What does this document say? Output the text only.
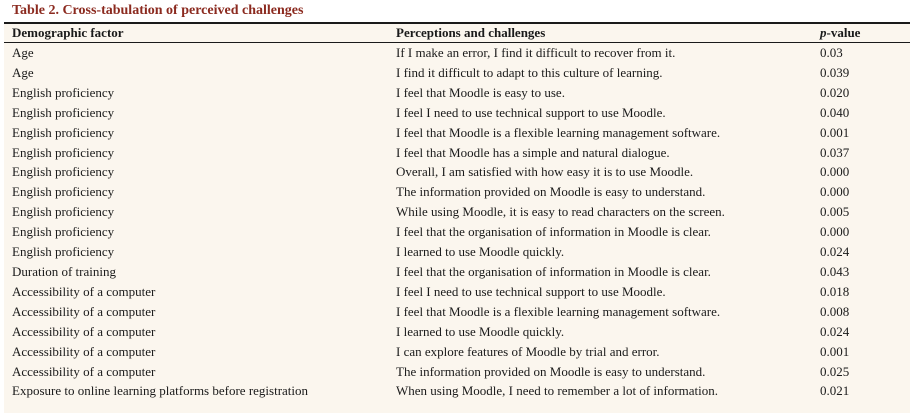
Table 2. Cross-tabulation of perceived challenges
Demographic factor	Perceptions and challenges	p-value
Age	If I make an error, I find it difficult to recover from it.	0.03
Age	I find it difficult to adapt to this culture of learning.	0.039
English proficiency	I feel that Moodle is easy to use.	0.020
English proficiency	I feel I need to use technical support to use Moodle.	0.040
English proficiency	I feel that Moodle is a flexible learning management software.	0.001
English proficiency	I feel that Moodle has a simple and natural dialogue.	0.037
English proficiency	Overall, I am satisfied with how easy it is to use Moodle.	0.000
English proficiency	The information provided on Moodle is easy to understand.	0.000
English proficiency	While using Moodle, it is easy to read characters on the screen.	0.005
English proficiency	I feel that the organisation of information in Moodle is clear.	0.000
English proficiency	I learned to use Moodle quickly.	0.024
Duration of training	I feel that the organisation of information in Moodle is clear.	0.043
Accessibility of a computer	I feel I need to use technical support to use Moodle.	0.018
Accessibility of a computer	I feel that Moodle is a flexible learning management software.	0.008
Accessibility of a computer	I learned to use Moodle quickly.	0.024
Accessibility of a computer	I can explore features of Moodle by trial and error.	0.001
Accessibility of a computer	The information provided on Moodle is easy to understand.	0.025
Exposure to online learning platforms before registration	When using Moodle, I need to remember a lot of information.	0.021
